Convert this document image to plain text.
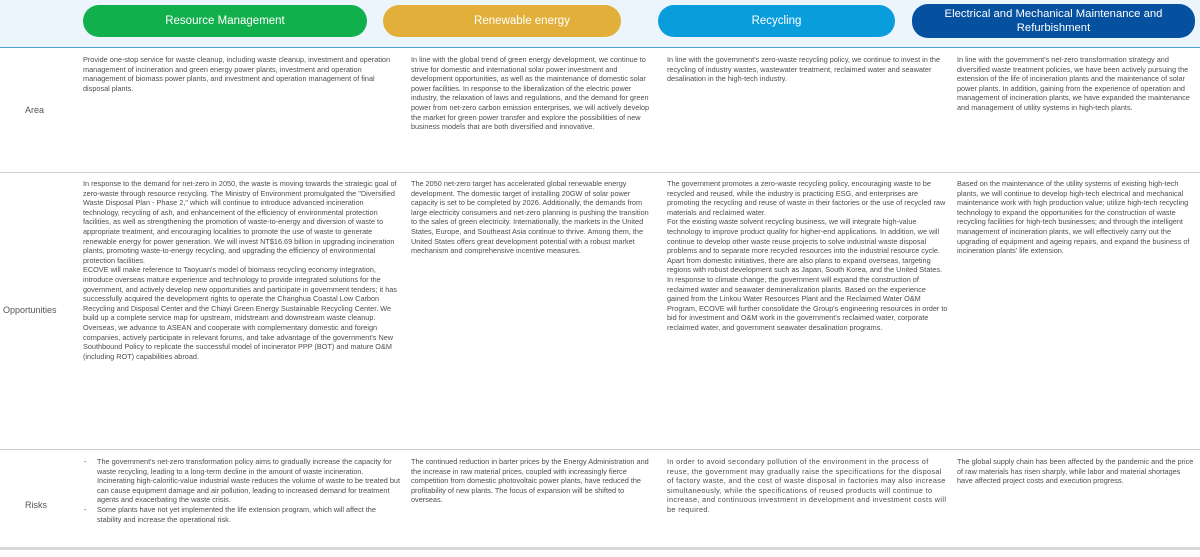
Resource Management	Renewable energy	Recycling
Electrical and Mechanical Maintenance and Refurbishment
Area
Provide one-stop service for waste cleanup, including waste cleanup, investment and operation management of incineration and green energy power plants, investment and operation management of biomass power plants, and investment and operation management of final disposal plants.
In line with the global trend of green energy development, we continue to strive for domestic and international solar power investment and development opportunities, as well as the maintenance of domestic solar power facilities. In response to the liberalization of the electric power industry, the relaxation of laws and regulations, and the demand for green power from net-zero carbon emission enterprises, we will actively develop the market for green power transfer and explore the possibilities of new business models that are both diversified and innovative.
In line with the government's zero-waste recycling policy, we continue to invest in the recycling of industry wastes, wastewater treatment, reclaimed water and seawater desalination in the high-tech industry.
In line with the government's net-zero transformation strategy and diversified waste treatment policies, we have been actively pursuing the extension of the life of incineration plants and the maintenance of solar power plants. In addition, gaining from the experience of operation and management of incineration plants, we have expanded the maintenance and management of utility systems in high-tech plants.
Opportunities
In response to the demand for net-zero in 2050, the waste is moving towards the strategic goal of zero-waste through resource recycling. The Ministry of Environment promulgated the "Diversified Waste Disposal Plan - Phase 2," which will continue to introduce advanced incineration technology, recycling of ash, and enhancement of the efficiency of environmental protection facilities, as well as strengthening the promotion of waste-to-energy and diversion of waste to appropriate treatment, and encouraging localities to promote the use of waste to generate renewable energy for power generation. We will invest NT$16.69 billion in upgrading incineration plants, promoting waste-to-energy recycling, and upgrading the efficiency of environmental protection facilities.
ECOVE will make reference to Taoyuan's model of biomass recycling economy integration, introduce overseas mature experience and technology to provide integrated solutions for the government, and actively develop new opportunities and participate in government tenders; it has successfully acquired the development rights to operate the Changhua Coastal Low Carbon Recycling and Disposal Center and the Chiayi Green Energy Sustainable Recycling Center. We build up a complete service map for upstream, midstream and downstream waste cleanup.
Overseas, we advance to ASEAN and cooperate with complementary domestic and foreign companies, actively participate in relevant forums, and take advantage of the government's New Southbound Policy to replicate the successful model of incinerator PPP (BOT) and mature O&M (including ROT) capabilities abroad.
The 2050 net-zero target has accelerated global renewable energy development. The domestic target of installing 20GW of solar power capacity is set to be completed by 2026. Additionally, the demands from large electricity consumers and net-zero planning is pushing the transition to the sales of green electricity. Internationally, the markets in the United States, Europe, and Southeast Asia continue to thrive. Among them, the United States offers great development potential with a robust market mechanism and comprehensive incentive measures.
The government promotes a zero-waste recycling policy, encouraging waste to be recycled and reused, while the industry is practicing ESG, and enterprises are promoting the recycling and reuse of waste in their factories or the use of recycled raw materials and reclaimed water.
For the existing waste solvent recycling business, we will integrate high-value technology to improve product quality for higher-end applications. In addition, we will continue to develop other waste reuse projects to solve industrial waste disposal problems and to separate more recycled resources into the industrial resource cycle. Apart from domestic initiatives, there are also plans to expand overseas, targeting regions with robust development such as Japan, South Korea, and the United States.
In response to climate change, the government will expand the construction of reclaimed water and seawater demineralization plants. Based on the experience gained from the Linkou Water Resources Plant and the Reclaimed Water O&M Program, ECOVE will further consolidate the Group's engineering resources in order to bid for investment and O&M work in the government's reclaimed water, corporate reclaimed water, and government seawater desalination programs.
Based on the maintenance of the utility systems of existing high-tech plants, we will continue to develop high-tech electrical and mechanical maintenance work with high production value; utilize high-tech recycling technology to expand the opportunities for the construction of waste recycling facilities for high-tech businesses; and through the intelligent management of incineration plants, we will effectively carry out the upgrading of equipment and ageing repairs, and expand the business of incineration plants' life extension.
Risks
- The government's net-zero transformation policy aims to gradually increase the capacity for waste recycling, leading to a long-term decline in the amount of waste incineration. Incinerating high-calorific-value industrial waste reduces the volume of waste to be treated but can cause equipment damage and air pollution, leading to increased demand for treatment agents and exacerbating the waste crisis.
- Some plants have not yet implemented the life extension program, which will affect the stability and increase the operational risk.
The continued reduction in barter prices by the Energy Administration and the increase in raw material prices, coupled with increasingly fierce competition from domestic photovoltaic power plants, have reduced the profitability of new plants. The focus of expansion will be shifted to overseas.
In order to avoid secondary pollution of the environment in the process of reuse, the government may gradually raise the specifications for the disposal of factory waste, and the cost of waste disposal in factories may also increase simultaneously, while the specifications of reused products will continue to increase, and continuous investment in development and investment costs will be required.
The global supply chain has been affected by the pandemic and the price of raw materials has risen sharply, while labor and material shortages have affected project costs and execution progress.
